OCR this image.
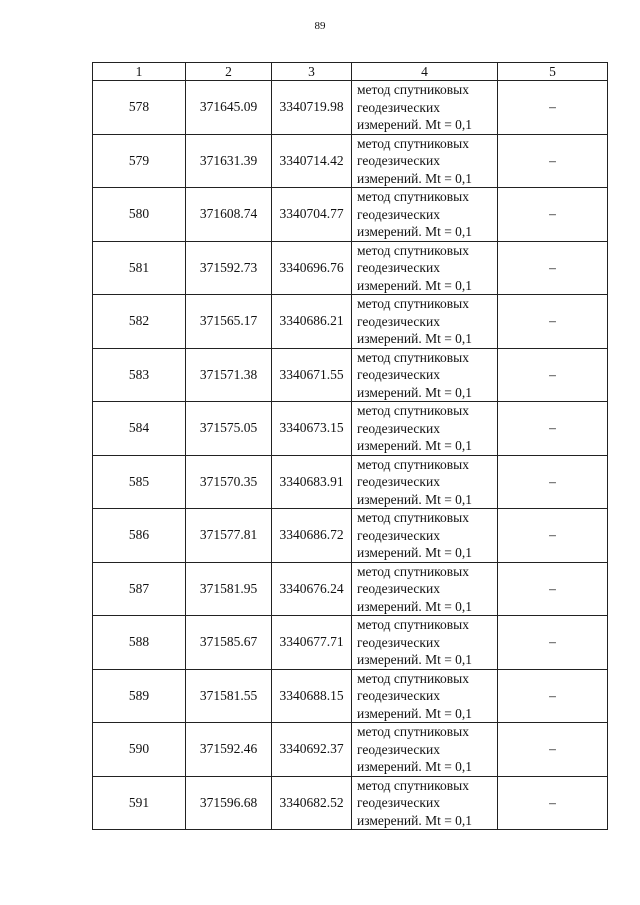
89
1	2	3	4	5
578	371645.09	3340719.98	метод спутниковых
геодезических
измерений. Mt = 0,1	–
579	371631.39	3340714.42	метод спутниковых
геодезических
измерений. Mt = 0,1	–
580	371608.74	3340704.77	метод спутниковых
геодезических
измерений. Mt = 0,1	–
581	371592.73	3340696.76	метод спутниковых
геодезических
измерений. Mt = 0,1	–
582	371565.17	3340686.21	метод спутниковых
геодезических
измерений. Mt = 0,1	–
583	371571.38	3340671.55	метод спутниковых
геодезических
измерений. Mt = 0,1	–
584	371575.05	3340673.15	метод спутниковых
геодезических
измерений. Mt = 0,1	–
585	371570.35	3340683.91	метод спутниковых
геодезических
измерений. Mt = 0,1	–
586	371577.81	3340686.72	метод спутниковых
геодезических
измерений. Mt = 0,1	–
587	371581.95	3340676.24	метод спутниковых
геодезических
измерений. Mt = 0,1	–
588	371585.67	3340677.71	метод спутниковых
геодезических
измерений. Mt = 0,1	–
589	371581.55	3340688.15	метод спутниковых
геодезических
измерений. Mt = 0,1	–
590	371592.46	3340692.37	метод спутниковых
геодезических
измерений. Mt = 0,1	–
591	371596.68	3340682.52	метод спутниковых
геодезических
измерений. Mt = 0,1	–
